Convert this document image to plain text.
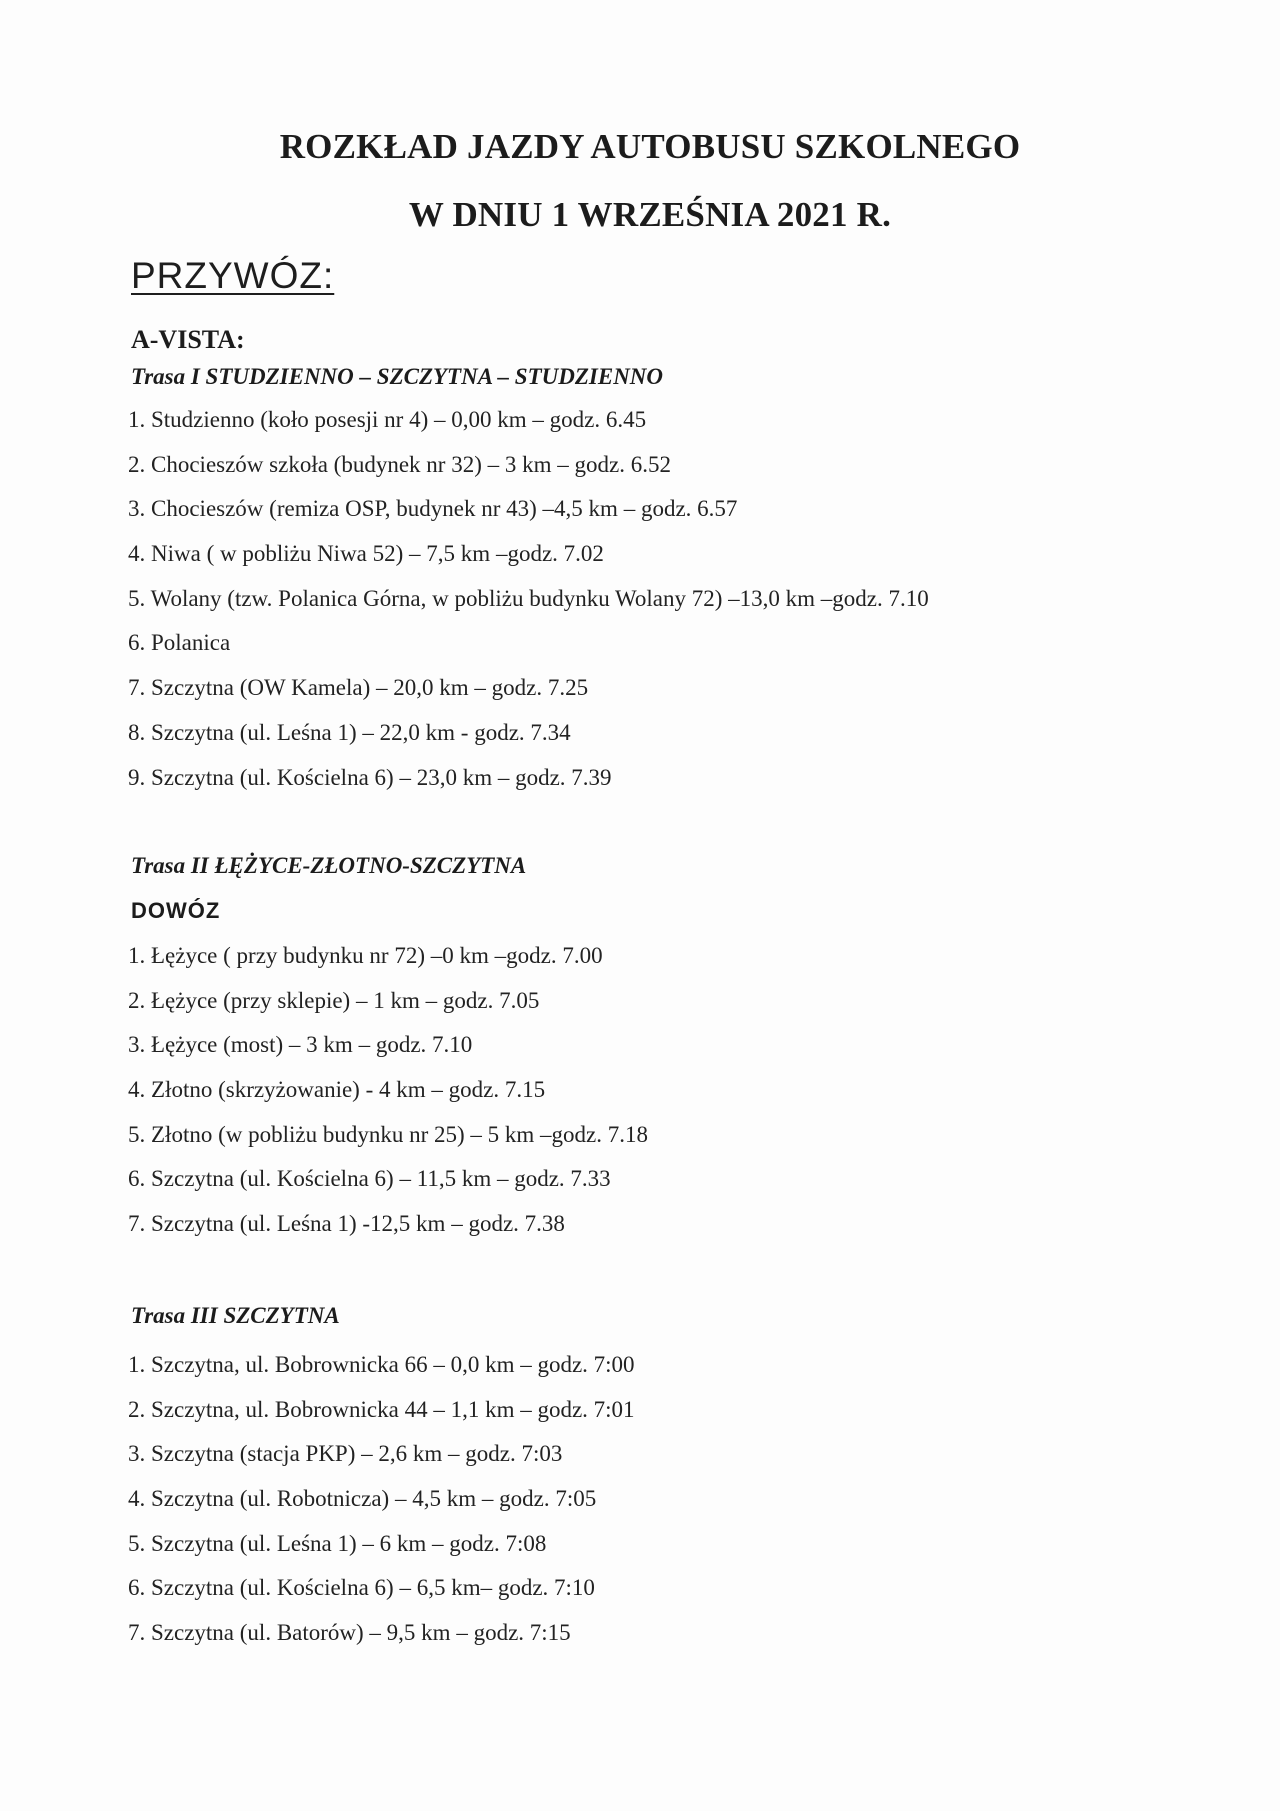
ROZKŁAD JAZDY AUTOBUSU SZKOLNEGO
W DNIU 1 WRZEŚNIA 2021 R.
PRZYWÓZ:
A-VISTA:
Trasa I STUDZIENNO – SZCZYTNA – STUDZIENNO
1. Studzienno (koło posesji nr 4) – 0,00 km – godz. 6.45
2. Chocieszów szkoła (budynek nr 32) – 3 km – godz. 6.52
3. Chocieszów (remiza OSP, budynek nr 43) –4,5 km – godz. 6.57
4. Niwa ( w pobliżu Niwa 52) – 7,5 km –godz. 7.02
5. Wolany (tzw. Polanica Górna, w pobliżu budynku Wolany 72) –13,0 km –godz. 7.10
6. Polanica
7. Szczytna (OW Kamela) – 20,0 km – godz. 7.25
8. Szczytna (ul. Leśna 1) – 22,0 km - godz. 7.34
9. Szczytna (ul. Kościelna 6) – 23,0 km – godz. 7.39
Trasa II ŁĘŻYCE-ZŁOTNO-SZCZYTNA
DOWÓZ
1. Łężyce ( przy budynku nr 72) –0 km –godz. 7.00
2. Łężyce (przy sklepie) – 1 km – godz. 7.05
3. Łężyce (most) – 3 km – godz. 7.10
4. Złotno (skrzyżowanie) - 4 km – godz. 7.15
5. Złotno (w pobliżu budynku nr 25) – 5 km –godz. 7.18
6. Szczytna (ul. Kościelna 6) – 11,5 km – godz. 7.33
7. Szczytna (ul. Leśna 1) -12,5 km – godz. 7.38
Trasa III SZCZYTNA
1. Szczytna, ul. Bobrownicka 66 – 0,0 km – godz. 7:00
2. Szczytna, ul. Bobrownicka 44 – 1,1 km – godz. 7:01
3. Szczytna (stacja PKP) – 2,6 km – godz. 7:03
4. Szczytna (ul. Robotnicza) – 4,5 km – godz. 7:05
5. Szczytna (ul. Leśna 1) – 6 km – godz. 7:08
6. Szczytna (ul. Kościelna 6) – 6,5 km– godz. 7:10
7. Szczytna (ul. Batorów) – 9,5 km – godz. 7:15
